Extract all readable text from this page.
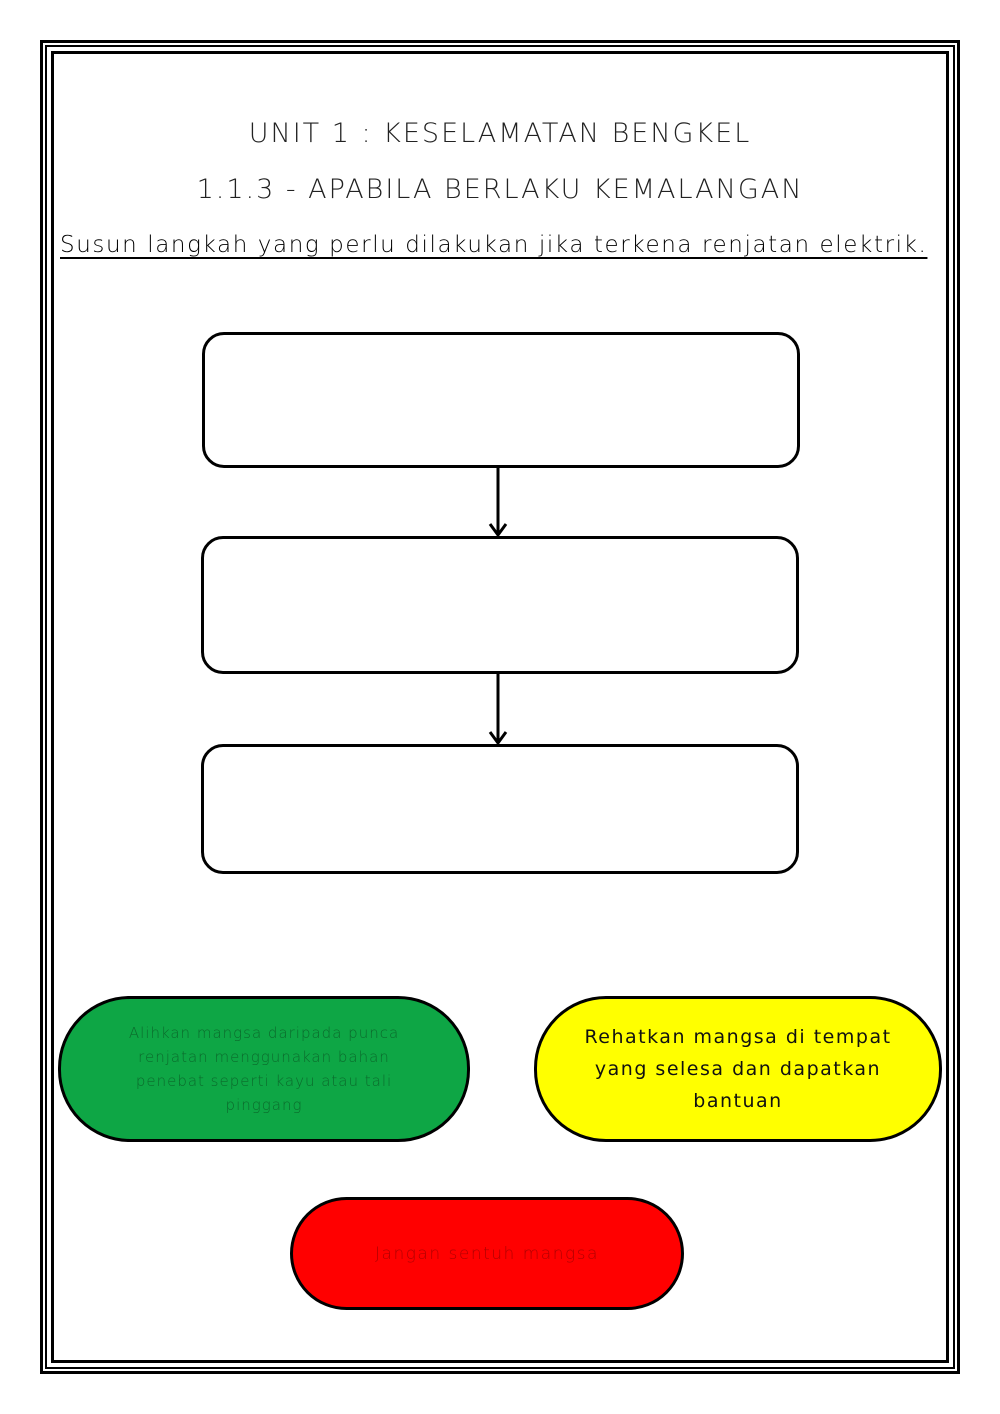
UNIT 1 : KESELAMATAN BENGKEL
1.1.3 - APABILA BERLAKU KEMALANGAN
Susun langkah yang perlu dilakukan jika terkena renjatan elektrik.
Alihkan mangsa daripada punca renjatan menggunakan bahan penebat seperti kayu atau tali pinggang
Rehatkan mangsa di tempat yang selesa dan dapatkan bantuan
Jangan sentuh mangsa
